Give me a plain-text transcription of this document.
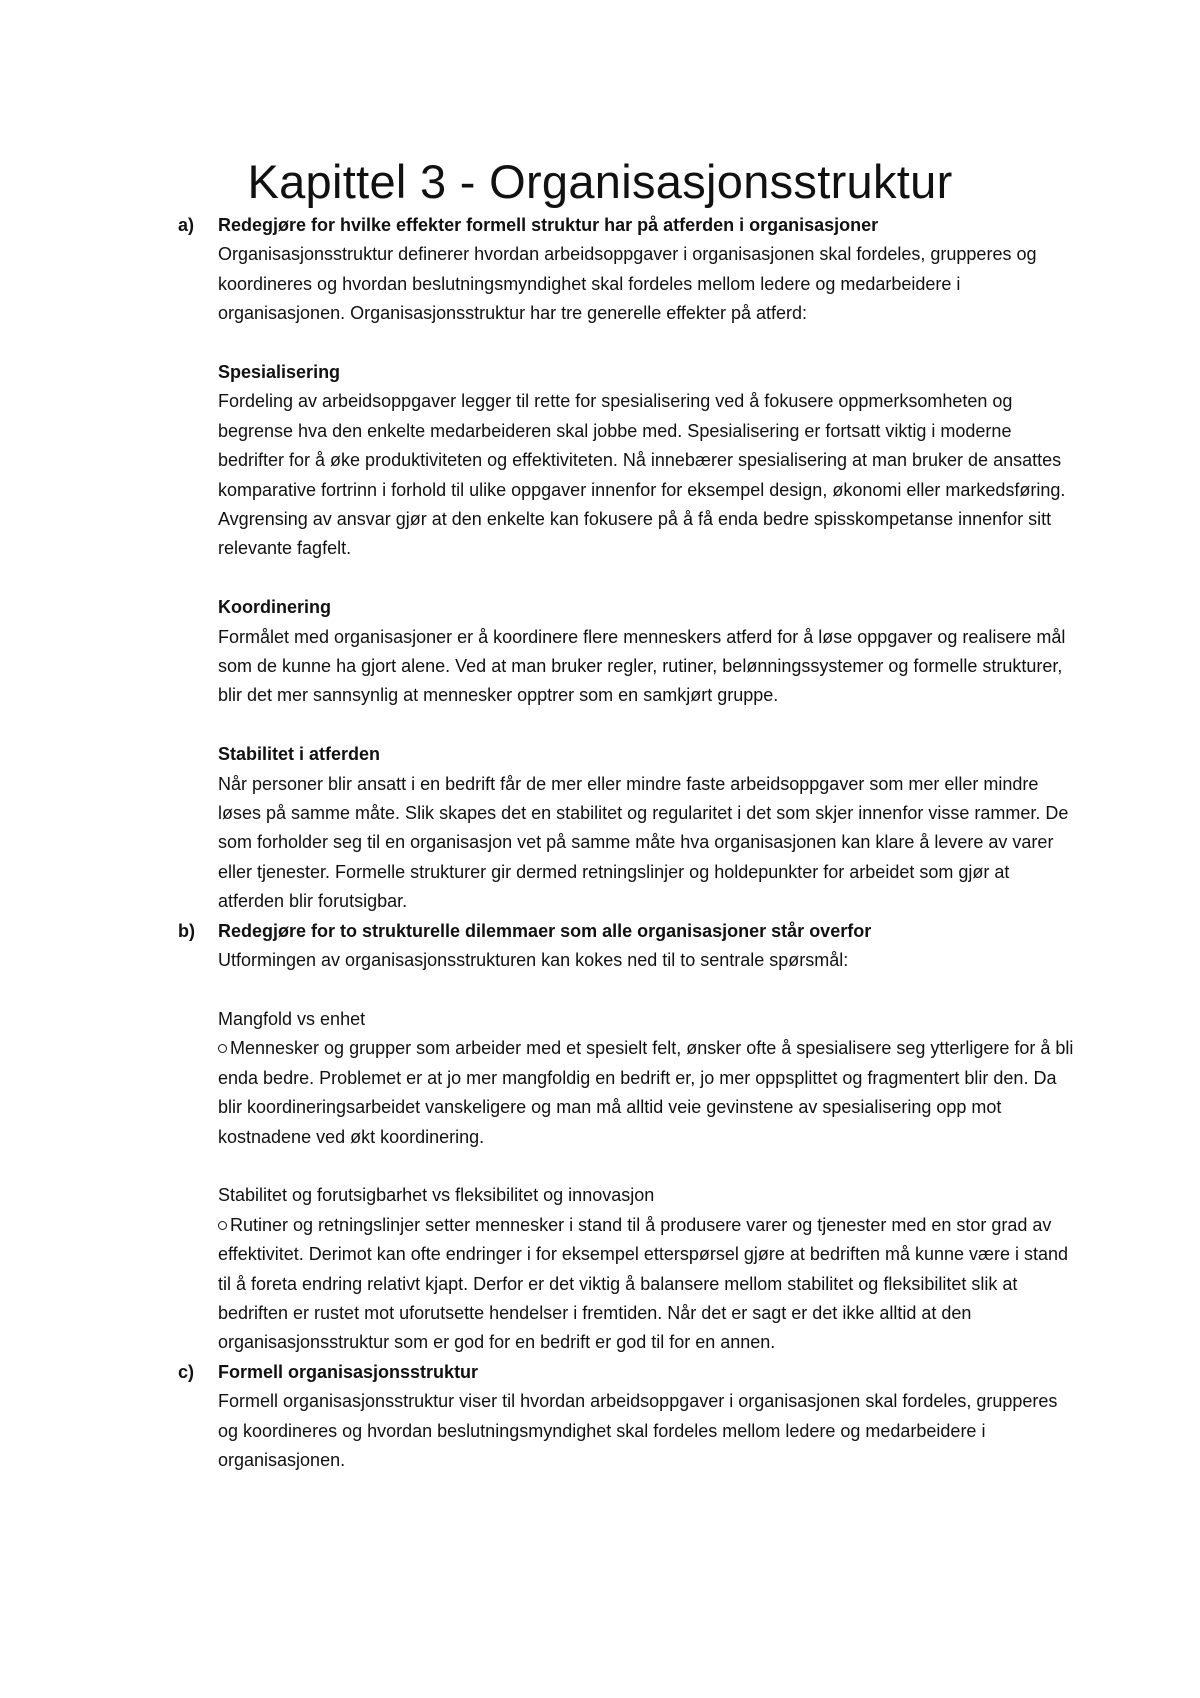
Kapittel 3 - Organisasjonsstruktur
a) Redegjøre for hvilke effekter formell struktur har på atferden i organisasjoner
Organisasjonsstruktur definerer hvordan arbeidsoppgaver i organisasjonen skal fordeles, grupperes og koordineres og hvordan beslutningsmyndighet skal fordeles mellom ledere og medarbeidere i organisasjonen. Organisasjonsstruktur har tre generelle effekter på atferd:
Spesialisering
Fordeling av arbeidsoppgaver legger til rette for spesialisering ved å fokusere oppmerksomheten og begrense hva den enkelte medarbeideren skal jobbe med. Spesialisering er fortsatt viktig i moderne bedrifter for å øke produktiviteten og effektiviteten. Nå innebærer spesialisering at man bruker de ansattes komparative fortrinn i forhold til ulike oppgaver innenfor for eksempel design, økonomi eller markedsføring. Avgrensing av ansvar gjør at den enkelte kan fokusere på å få enda bedre spisskompetanse innenfor sitt relevante fagfelt.
Koordinering
Formålet med organisasjoner er å koordinere flere menneskers atferd for å løse oppgaver og realisere mål som de kunne ha gjort alene. Ved at man bruker regler, rutiner, belønningssystemer og formelle strukturer, blir det mer sannsynlig at mennesker opptrer som en samkjørt gruppe.
Stabilitet i atferden
Når personer blir ansatt i en bedrift får de mer eller mindre faste arbeidsoppgaver som mer eller mindre løses på samme måte. Slik skapes det en stabilitet og regularitet i det som skjer innenfor visse rammer. De som forholder seg til en organisasjon vet på samme måte hva organisasjonen kan klare å levere av varer eller tjenester. Formelle strukturer gir dermed retningslinjer og holdepunkter for arbeidet som gjør at atferden blir forutsigbar.
b) Redegjøre for to strukturelle dilemmaer som alle organisasjoner står overfor
Utformingen av organisasjonsstrukturen kan kokes ned til to sentrale spørsmål:
Mangfold vs enhet
Mennesker og grupper som arbeider med et spesielt felt, ønsker ofte å spesialisere seg ytterligere for å bli enda bedre. Problemet er at jo mer mangfoldig en bedrift er, jo mer oppsplittet og fragmentert blir den. Da blir koordineringsarbeidet vanskeligere og man må alltid veie gevinstene av spesialisering opp mot kostnadene ved økt koordinering.
Stabilitet og forutsigbarhet vs fleksibilitet og innovasjon
Rutiner og retningslinjer setter mennesker i stand til å produsere varer og tjenester med en stor grad av effektivitet. Derimot kan ofte endringer i for eksempel etterspørsel gjøre at bedriften må kunne være i stand til å foreta endring relativt kjapt. Derfor er det viktig å balansere mellom stabilitet og fleksibilitet slik at bedriften er rustet mot uforutsette hendelser i fremtiden. Når det er sagt er det ikke alltid at den organisasjonsstruktur som er god for en bedrift er god til for en annen.
c) Formell organisasjonsstruktur
Formell organisasjonsstruktur viser til hvordan arbeidsoppgaver i organisasjonen skal fordeles, grupperes og koordineres og hvordan beslutningsmyndighet skal fordeles mellom ledere og medarbeidere i organisasjonen.
